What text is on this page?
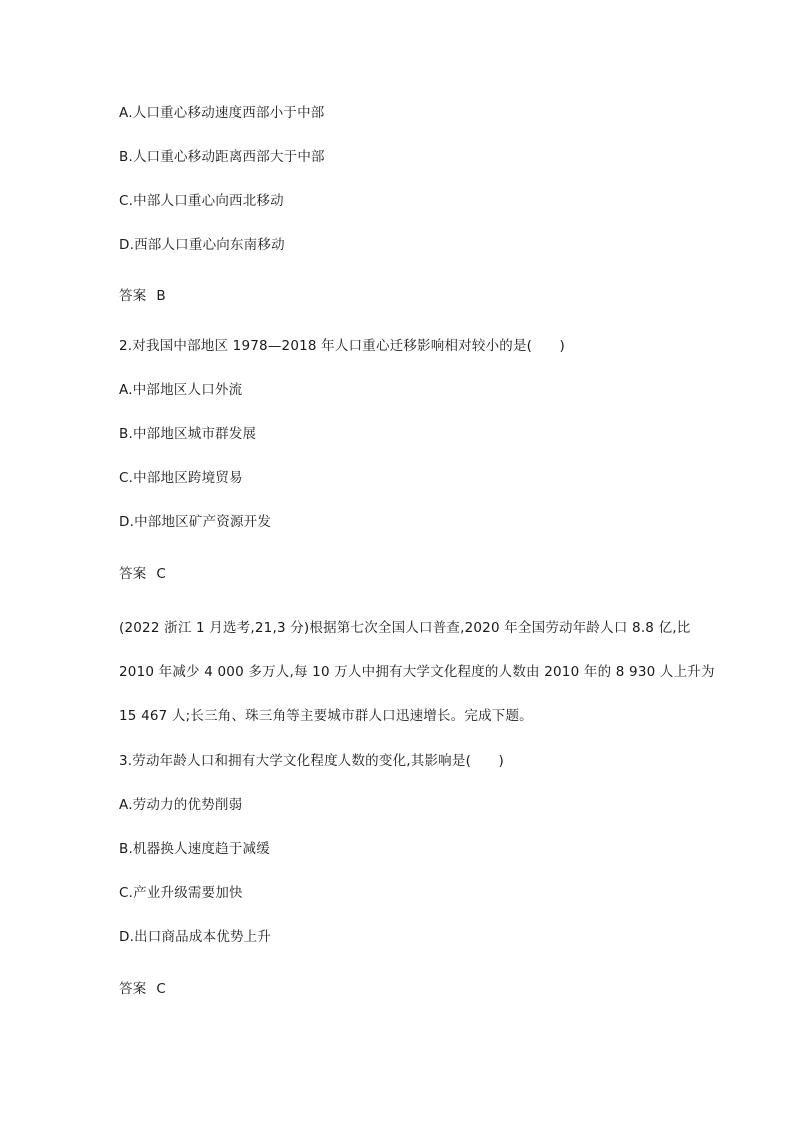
A.人口重心移动速度西部小于中部
B.人口重心移动距离西部大于中部
C.中部人口重心向西北移动
D.西部人口重心向东南移动
答案 B
2.对我国中部地区 1978—2018 年人口重心迁移影响相对较小的是(　　)
A.中部地区人口外流
B.中部地区城市群发展
C.中部地区跨境贸易
D.中部地区矿产资源开发
答案 C
(2022 浙江 1 月选考,21,3 分)根据第七次全国人口普查,2020 年全国劳动年龄人口 8.8 亿,比
2010 年减少 4 000 多万人,每 10 万人中拥有大学文化程度的人数由 2010 年的 8 930 人上升为
15 467 人;长三角、珠三角等主要城市群人口迅速增长。完成下题。
3.劳动年龄人口和拥有大学文化程度人数的变化,其影响是(　　)
A.劳动力的优势削弱
B.机器换人速度趋于减缓
C.产业升级需要加快
D.出口商品成本优势上升
答案 C
